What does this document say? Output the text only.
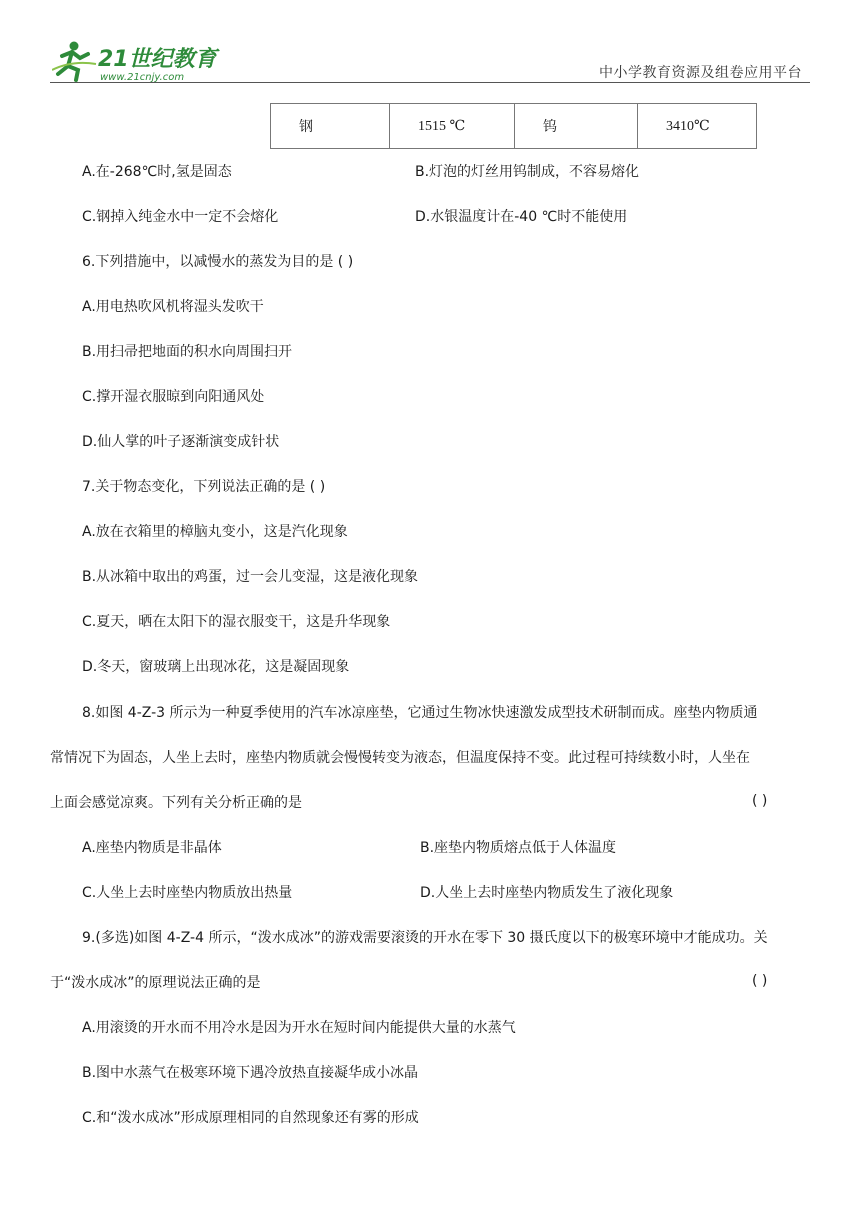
21世纪教育
www.21cnjy.com	中小学教育资源及组卷应用平台
钢	1515 ℃	钨	3410℃
A.在-268℃时,氢是固态	B.灯泡的灯丝用钨制成，不容易熔化
C.钢掉入纯金水中一定不会熔化	D.水银温度计在-40 ℃时不能使用
6.下列措施中，以减慢水的蒸发为目的是 ( )
A.用电热吹风机将湿头发吹干
B.用扫帚把地面的积水向周围扫开
C.撑开湿衣服晾到向阳通风处
D.仙人掌的叶子逐渐演变成针状
7.关于物态变化，下列说法正确的是 ( )
A.放在衣箱里的樟脑丸变小，这是汽化现象
B.从冰箱中取出的鸡蛋，过一会儿变湿，这是液化现象
C.夏天，晒在太阳下的湿衣服变干，这是升华现象
D.冬天，窗玻璃上出现冰花，这是凝固现象
8.如图 4-Z-3 所示为一种夏季使用的汽车冰凉座垫，它通过生物冰快速激发成型技术研制而成。座垫内物质通
常情况下为固态，人坐上去时，座垫内物质就会慢慢转变为液态，但温度保持不变。此过程可持续数小时，人坐在
上面会感觉凉爽。下列有关分析正确的是	( )
A.座垫内物质是非晶体	B.座垫内物质熔点低于人体温度
C.人坐上去时座垫内物质放出热量	D.人坐上去时座垫内物质发生了液化现象
9.(多选)如图 4-Z-4 所示，“泼水成冰”的游戏需要滚烫的开水在零下 30 摄氏度以下的极寒环境中才能成功。关
于“泼水成冰”的原理说法正确的是	( )
A.用滚烫的开水而不用冷水是因为开水在短时间内能提供大量的水蒸气
B.图中水蒸气在极寒环境下遇冷放热直接凝华成小冰晶
C.和“泼水成冰”形成原理相同的自然现象还有雾的形成
